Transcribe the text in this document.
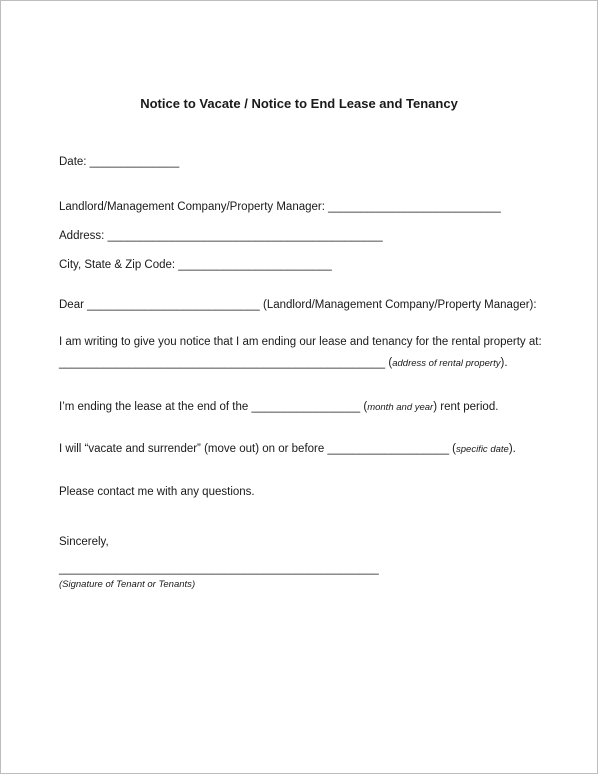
Notice to Vacate / Notice to End Lease and Tenancy
Date: ______________
Landlord/Management Company/Property Manager: ___________________________
Address: ___________________________________________
City, State & Zip Code: ________________________
Dear ___________________________ (Landlord/Management Company/Property Manager):
I am writing to give you notice that I am ending our lease and tenancy for the rental property at:
___________________________________________________ (address of rental property).
I’m ending the lease at the end of the _________________ (month and year) rent period.
I will “vacate and surrender” (move out) on or before ___________________ (specific date).
Please contact me with any questions.
Sincerely,
__________________________________________________
(Signature of Tenant or Tenants)
